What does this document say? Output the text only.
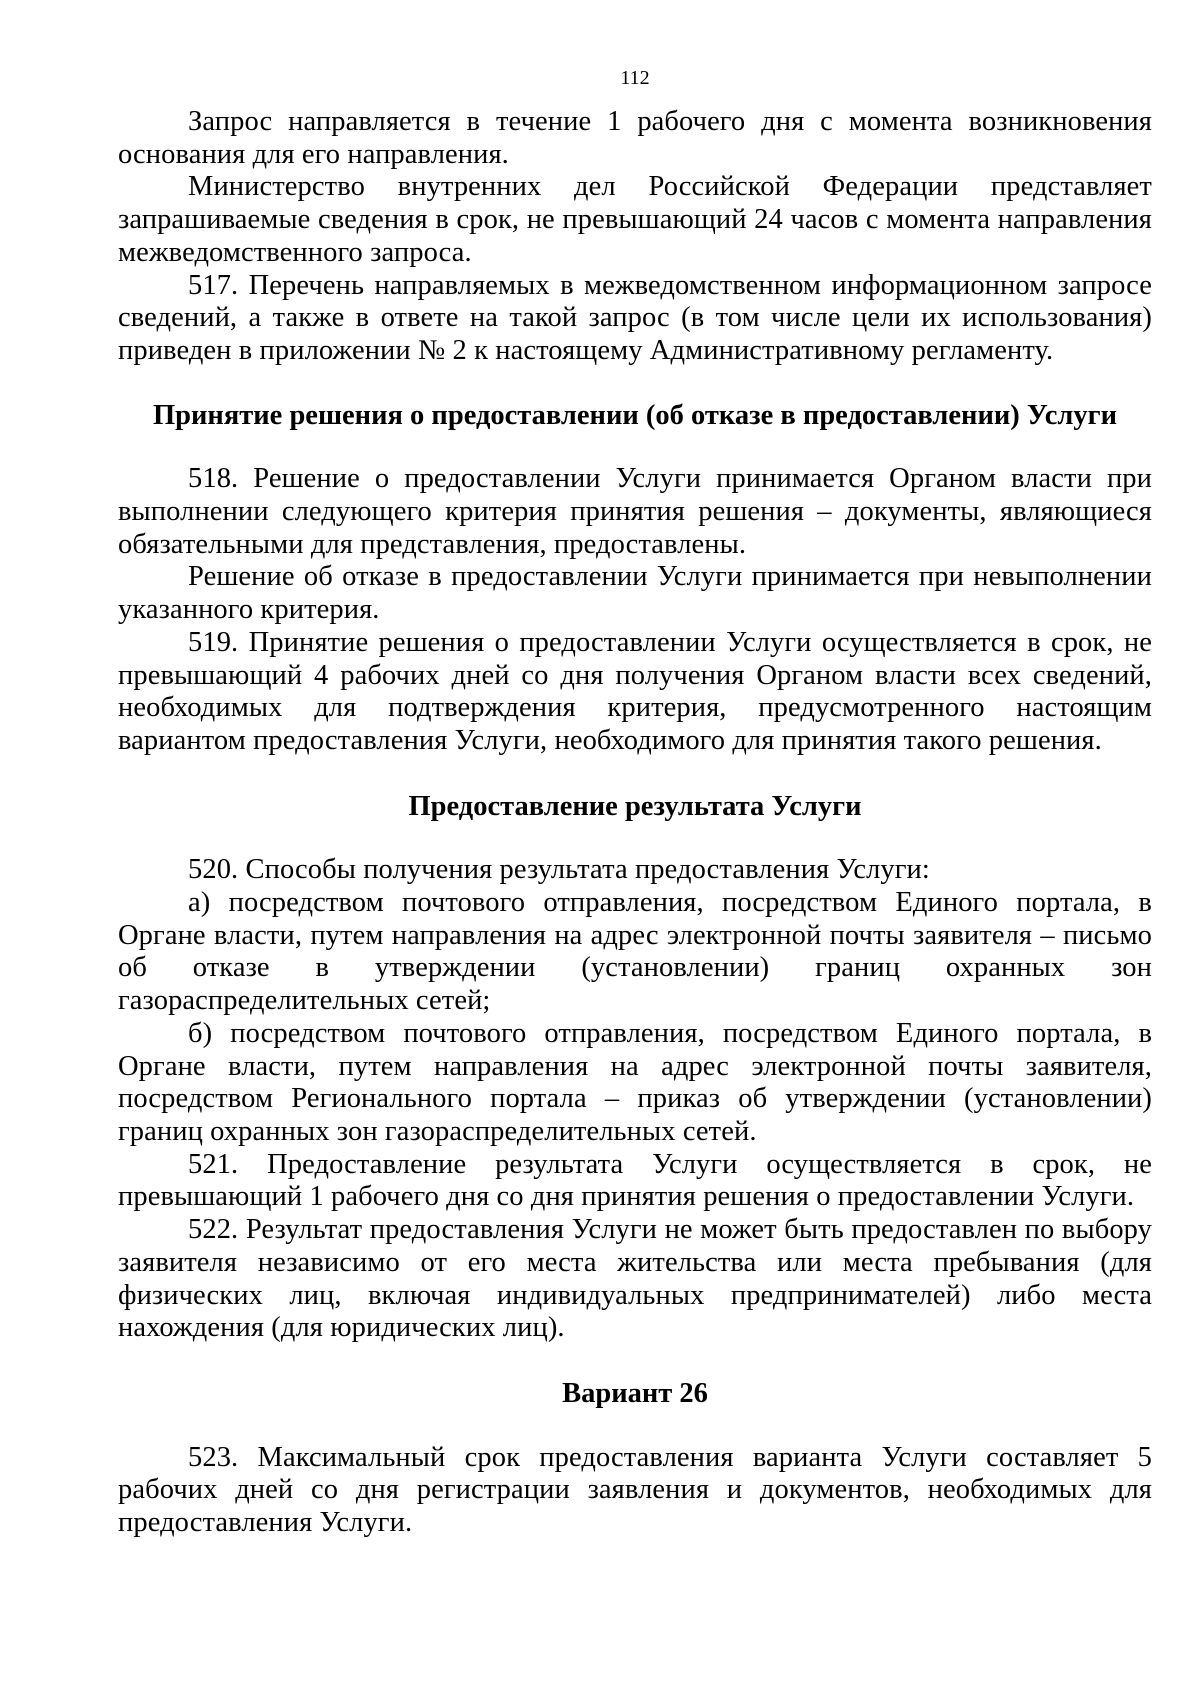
112

Запрос направляется в течение 1 рабочего дня с момента возникновения основания для его направления.

Министерство внутренних дел Российской Федерации представляет запрашиваемые сведения в срок, не превышающий 24 часов с момента направления межведомственного запроса.

517. Перечень направляемых в межведомственном информационном запросе сведений, а также в ответе на такой запрос (в том числе цели их использования) приведен в приложении № 2 к настоящему Административному регламенту.

Принятие решения о предоставлении (об отказе в предоставлении) Услуги

518. Решение о предоставлении Услуги принимается Органом власти при выполнении следующего критерия принятия решения – документы, являющиеся обязательными для представления, предоставлены.

Решение об отказе в предоставлении Услуги принимается при невыполнении указанного критерия.

519. Принятие решения о предоставлении Услуги осуществляется в срок, не превышающий 4 рабочих дней со дня получения Органом власти всех сведений, необходимых для подтверждения критерия, предусмотренного настоящим вариантом предоставления Услуги, необходимого для принятия такого решения.

Предоставление результата Услуги

520. Способы получения результата предоставления Услуги:

а) посредством почтового отправления, посредством Единого портала, в Органе власти, путем направления на адрес электронной почты заявителя – письмо об отказе в утверждении (установлении) границ охранных зон газораспределительных сетей;

б) посредством почтового отправления, посредством Единого портала, в Органе власти, путем направления на адрес электронной почты заявителя, посредством Регионального портала – приказ об утверждении (установлении) границ охранных зон газораспределительных сетей.

521. Предоставление результата Услуги осуществляется в срок, не превышающий 1 рабочего дня со дня принятия решения о предоставлении Услуги.

522. Результат предоставления Услуги не может быть предоставлен по выбору заявителя независимо от его места жительства или места пребывания (для физических лиц, включая индивидуальных предпринимателей) либо места нахождения (для юридических лиц).

Вариант 26

523. Максимальный срок предоставления варианта Услуги составляет 5 рабочих дней со дня регистрации заявления и документов, необходимых для предоставления Услуги.
